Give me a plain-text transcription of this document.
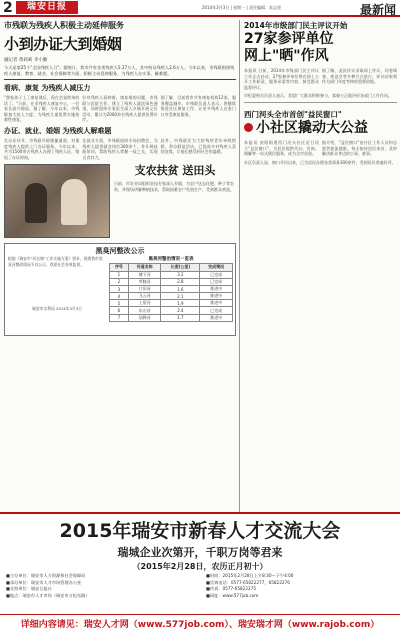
2	瑞安日报	2014年3月3日 | 星期一 | 责任编辑：朱志坚	最新闻
市残联为残疾人积极主动延伸服务
小到办证大到婚姻
融记者 黄莉莉 李小勤
今天是第25个"全国残疾人日"。据统计，我市共有各类残疾人5.27万人，其中持证残疾人2.6万人。今年以来，市残联围绕残疾人康复、教育、就业、社会保障等方面，积极主动延伸服务，为残疾人办实事、解难题。
看病、康复 为残疾人减压力

"我家孩子上了康复课后，现在会说简单的话了。"日前，在市残疾人康复中心，一位家长高兴地说。据了解，今年以来，市残联加大投入力度，为残疾儿童免费实施抢救性康复。

针对残疾人看病难、康复难的问题，市残联与医院合作，建立了残疾人就医绿色通道，同时组织专家医生深入乡镇开展义诊活动，累计为2000余名残疾人提供免费诊疗。

据了解，目前我市共有康复机构12家，服务覆盖城乡。市残联负责人表示，将继续推进社区康复工作，让更多残疾人在家门口享受康复服务。

办证、就业、婚姻 为残疾人解难题

在办证环节，市残联开辟便捷通道，对重度残疾人提供上门办证服务。今年以来，共为1500余名残疾人办理了残疾人证，缩短了办证时间。

在就业方面，市残联组织专场招聘会，为残疾人提供就业岗位300余个，并开展技能培训，帮助残疾人掌握一技之长，实现自食其力。

此外，市残联还为大龄残疾青年牵线搭桥，举办联谊活动，已促成多对残疾人喜结良缘，让他们感受到社会的温暖。

支农扶贫 送田头

日前，市农业局组织农技专家深入乡镇，为农户送去化肥、种子等农资，并现场讲解种植技术，帮助困难农户发展生产，受到群众欢迎。

黑臭河整改公示
根据《瑞安市"河长制"工作实施方案》要求，现将我市黑臭河整改情况予以公示，欢迎社会各界监督。
瑞安市水利局 2014年3月3日
黑臭河整治情况一览表
序号	河道名称	长度(公里)	完成情况
1	塘下河	3.2	已完成
2	莘塍河	2.8	已完成
3	汀田河	1.6	推进中
4	飞云河	2.1	推进中
5	上望河	1.9	推进中
6	东山河	2.4	已完成
7	仙降河	1.7	推进中
2014年市级部门民主评议开始
27家参评单位
网上"晒"作风

本报讯 日前，2014年市级部门民主评议工作正式启动，27家参评单位将在网上公开工作职责、服务承诺等内容，接受群众监督评议。

据了解，此次评议采取网上评议、问卷调查、座谈会等多种方式进行，评议结果将作为部门年度考核的重要依据。

市纪委相关负责人表示，希望广大群众积极参与，客观公正地评价各部门工作作风。

西门河头全市首创"益民窗口"
小社区撬动大公益

本报讯 安阳街道西门河头社区近日设立"益民窗口"，为居民提供代办、咨询、调解等一站式便民服务，成为全市首创。

据介绍，"益民窗口"由社区工作人员和志愿者轮流值班，每天接待居民来访，及时解决群众身边的小事、难事。

社区负责人说，窗口开设以来，已为居民办理各类事务300余件，受到居民普遍好评。

2015年瑞安市新春人才交流大会
瑞城企业次第开，千职万岗等君来
（2015年2月28日，农历正月初十）
■主办单位：瑞安市人力资源和社会保障局
■承办单位：瑞安市人才市场管理办公室
■支持单位：瑞安日报社
■地点：瑞安市人才市场（瑞安市万松东路）
■时间：2015年2月28日上午8:30—下午4:00
■咨询电话：0577-65822277，65822276
■传真：0577-65822275
■网址：www.577job.com
详细内容请见：瑞安人才网（www.577job.com）、瑞安瑞才网（www.rajob.com）
